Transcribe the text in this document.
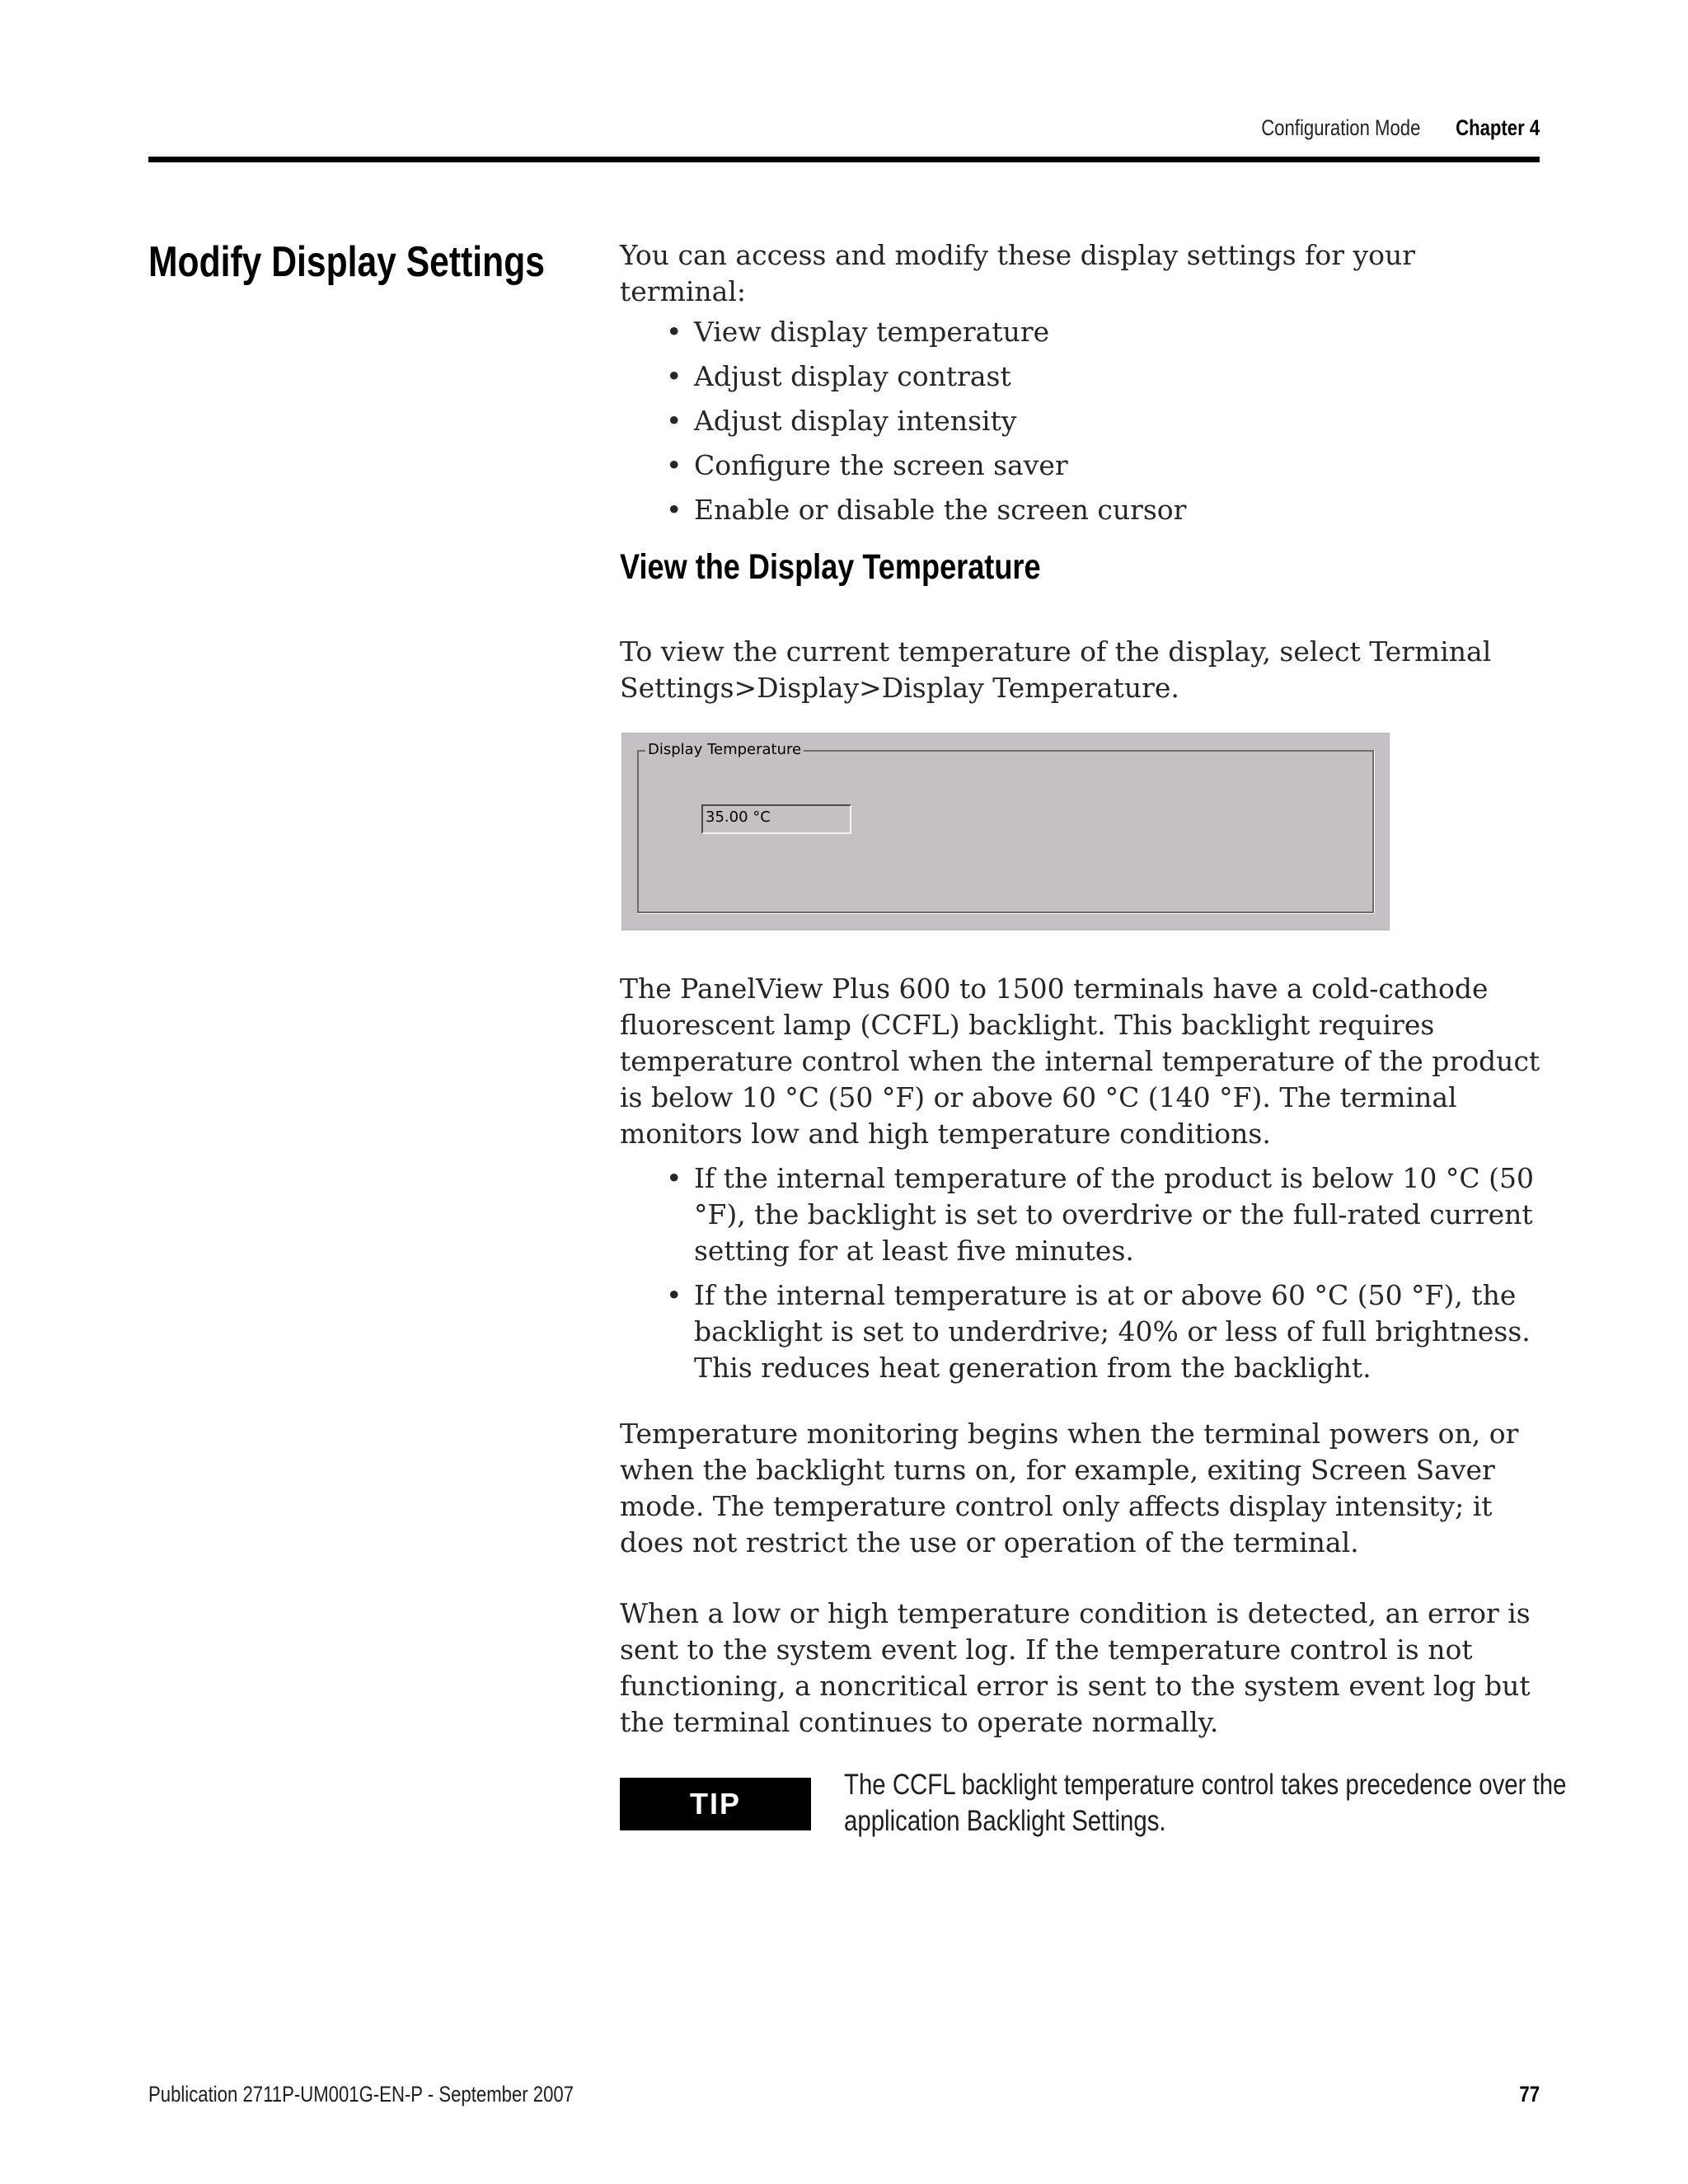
Configuration Mode Chapter 4
Modify Display Settings	You can access and modify these display settings for your terminal:

• View display temperature
• Adjust display contrast
• Adjust display intensity
• Configure the screen saver
• Enable or disable the screen cursor
View the Display Temperature
To view the current temperature of the display, select Terminal Settings>Display>Display Temperature.
Display Temperature
35.00 °C

The PanelView Plus 600 to 1500 terminals have a cold-cathode fluorescent lamp (CCFL) backlight. This backlight requires temperature control when the internal temperature of the product is below 10 °C (50 °F) or above 60 °C (140 °F). The terminal monitors low and high temperature conditions.

• If the internal temperature of the product is below 10 °C (50 °F), the backlight is set to overdrive or the full-rated current setting for at least five minutes.
• If the internal temperature is at or above 60 °C (50 °F), the backlight is set to underdrive; 40% or less of full brightness. This reduces heat generation from the backlight.
Temperature monitoring begins when the terminal powers on, or when the backlight turns on, for example, exiting Screen Saver mode. The temperature control only affects display intensity; it does not restrict the use or operation of the terminal.
When a low or high temperature condition is detected, an error is sent to the system event log. If the temperature control is not functioning, a noncritical error is sent to the system event log but the terminal continues to operate normally.
TIP
The CCFL backlight temperature control takes precedence over the application Backlight Settings.
Publication 2711P-UM001G-EN-P - September 2007	77
